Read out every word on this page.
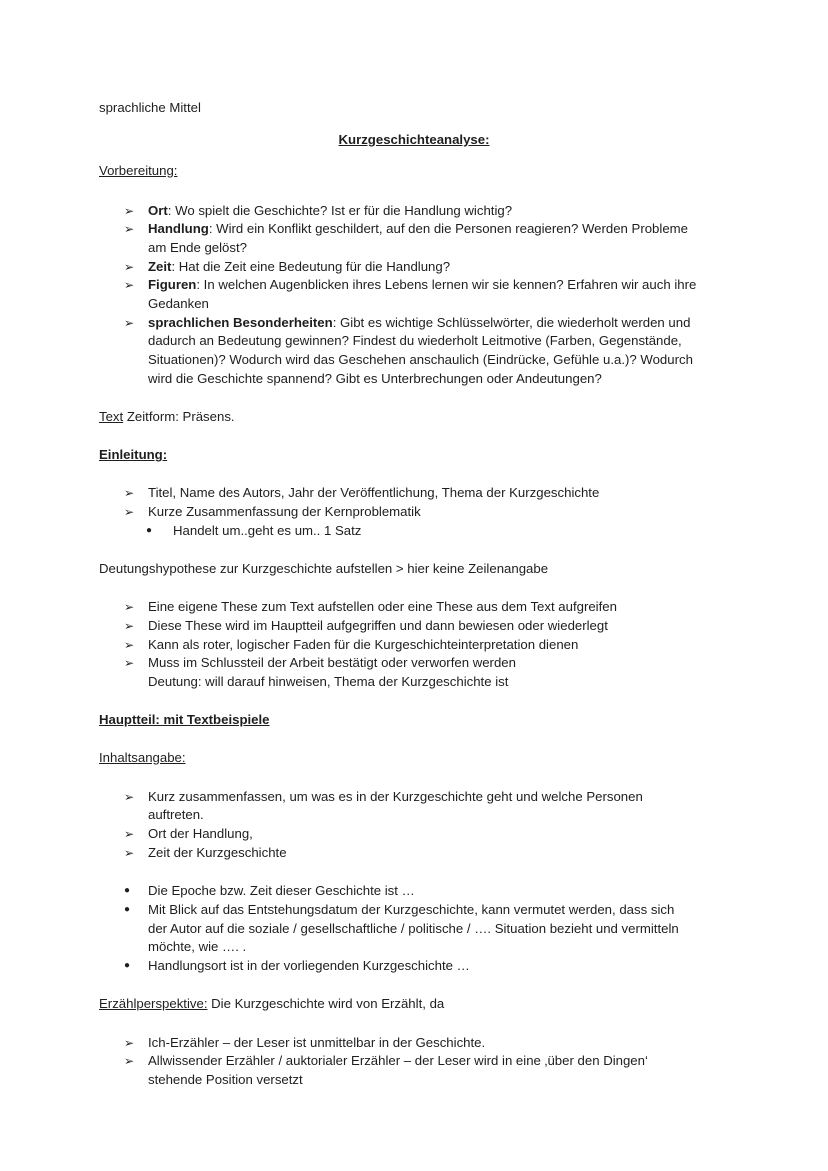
sprachliche Mittel
Kurzgeschichteanalyse:
Vorbereitung:
➢ Ort: Wo spielt die Geschichte? Ist er für die Handlung wichtig?
➢ Handlung: Wird ein Konflikt geschildert, auf den die Personen reagieren? Werden Probleme
am Ende gelöst?
➢ Zeit: Hat die Zeit eine Bedeutung für die Handlung?
➢ Figuren: In welchen Augenblicken ihres Lebens lernen wir sie kennen? Erfahren wir auch ihre
Gedanken
➢ sprachlichen Besonderheiten: Gibt es wichtige Schlüsselwörter, die wiederholt werden und
dadurch an Bedeutung gewinnen? Findest du wiederholt Leitmotive (Farben, Gegenstände,
Situationen)? Wodurch wird das Geschehen anschaulich (Eindrücke, Gefühle u.a.)? Wodurch
wird die Geschichte spannend? Gibt es Unterbrechungen oder Andeutungen?
Text Zeitform: Präsens.
Einleitung:
➢ Titel, Name des Autors, Jahr der Veröffentlichung, Thema der Kurzgeschichte
➢ Kurze Zusammenfassung der Kernproblematik
● Handelt um..geht es um.. 1 Satz
Deutungshypothese zur Kurzgeschichte aufstellen > hier keine Zeilenangabe
➢ Eine eigene These zum Text aufstellen oder eine These aus dem Text aufgreifen
➢ Diese These wird im Hauptteil aufgegriffen und dann bewiesen oder wiederlegt
➢ Kann als roter, logischer Faden für die Kurgeschichteinterpretation dienen
➢ Muss im Schlussteil der Arbeit bestätigt oder verworfen werden
Deutung: will darauf hinweisen, Thema der Kurzgeschichte ist
Hauptteil: mit Textbeispiele
Inhaltsangabe:
➢ Kurz zusammenfassen, um was es in der Kurzgeschichte geht und welche Personen
auftreten.
➢ Ort der Handlung,
➢ Zeit der Kurzgeschichte
● Die Epoche bzw. Zeit dieser Geschichte ist …
● Mit Blick auf das Entstehungsdatum der Kurzgeschichte, kann vermutet werden, dass sich
der Autor auf die soziale / gesellschaftliche / politische / …. Situation bezieht und vermitteln
möchte, wie …. .
● Handlungsort ist in der vorliegenden Kurzgeschichte …
Erzählperspektive: Die Kurzgeschichte wird von Erzählt, da
➢ Ich-Erzähler – der Leser ist unmittelbar in der Geschichte.
➢ Allwissender Erzähler / auktorialer Erzähler – der Leser wird in eine ‚über den Dingen‘
stehende Position versetzt
